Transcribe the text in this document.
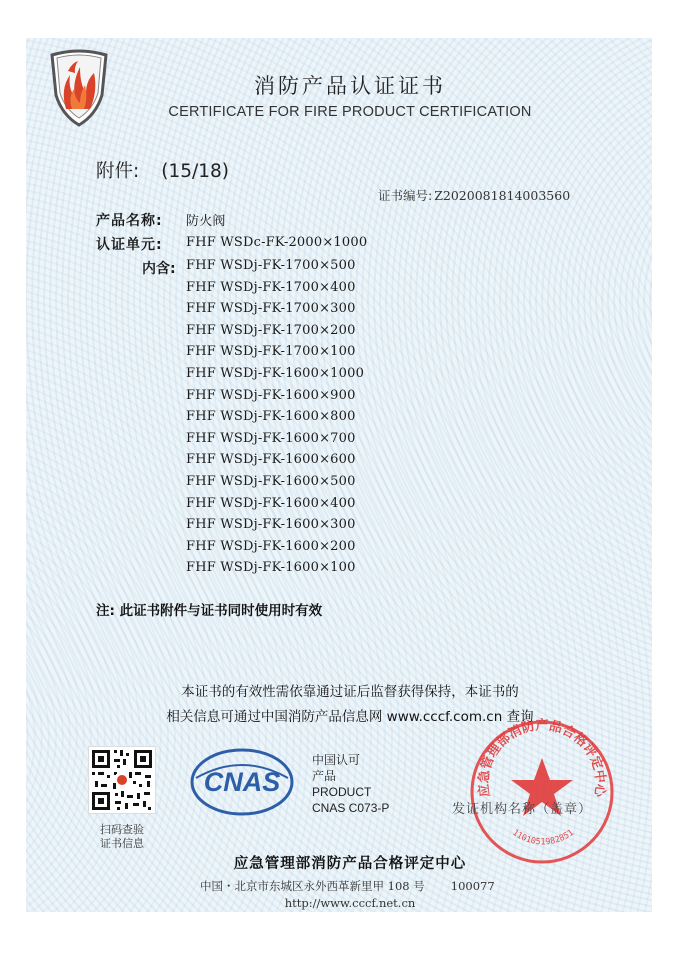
消防产品认证证书
CERTIFICATE FOR FIRE PRODUCT CERTIFICATION
附件: (15/18)
证书编号: Z2020081814003560
产品名称: 防火阀
认证单元: FHF WSDc-FK-2000×1000
内含: FHF WSDj-FK-1700×500
FHF WSDj-FK-1700×400
FHF WSDj-FK-1700×300
FHF WSDj-FK-1700×200
FHF WSDj-FK-1700×100
FHF WSDj-FK-1600×1000
FHF WSDj-FK-1600×900
FHF WSDj-FK-1600×800
FHF WSDj-FK-1600×700
FHF WSDj-FK-1600×600
FHF WSDj-FK-1600×500
FHF WSDj-FK-1600×400
FHF WSDj-FK-1600×300
FHF WSDj-FK-1600×200
FHF WSDj-FK-1600×100
注: 此证书附件与证书同时使用时有效
本证书的有效性需依靠通过证后监督获得保持，本证书的
相关信息可通过中国消防产品信息网 www.cccf.com.cn 查询
扫码查验
证书信息
CNAS
中国认可
产品
PRODUCT
CNAS C073-P
应急管理部消防产品合格评定中心
1101051982851
发证机构名称（盖章）
应急管理部消防产品合格评定中心
中国・北京市东城区永外西革新里甲 108 号 100077
http://www.cccf.net.cn
